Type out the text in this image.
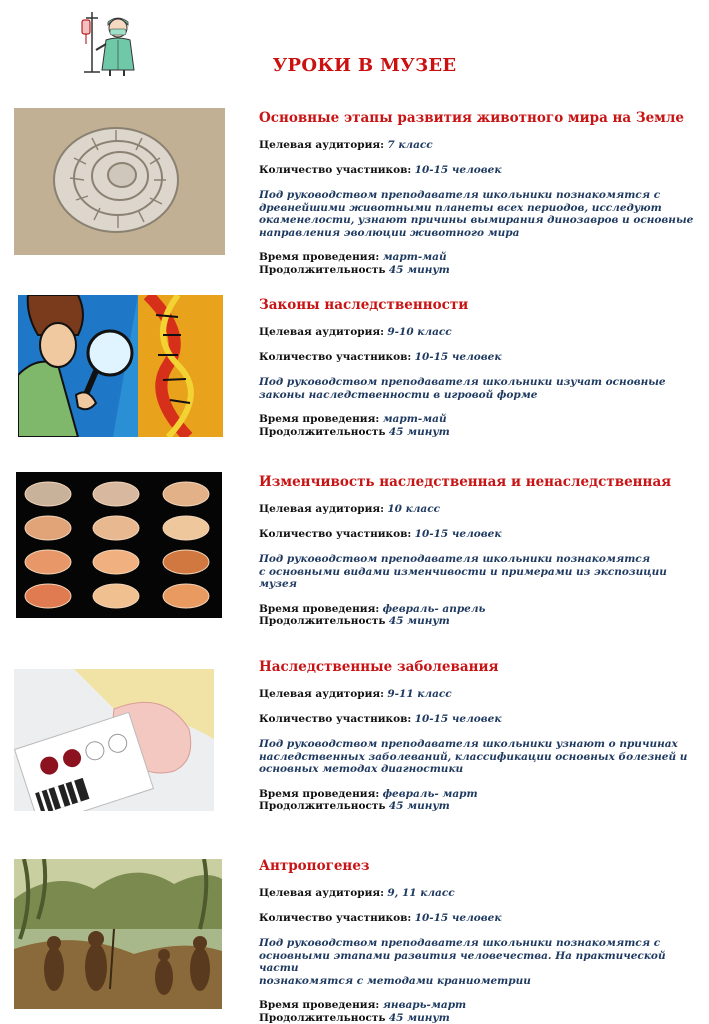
УРОКИ В МУЗЕЕ
Основные этапы развития животного мира на Земле
Целевая аудитория: 7 класс
Количество участников: 10-15 человек
Под руководством преподавателя школьники познакомятся с
древнейшими животными планеты всех периодов, исследуют
окаменелости, узнают причины вымирания динозавров и основные
направления эволюции животного мира
Время проведения: март-май
Продолжительность 45 минут
Законы наследственности
Целевая аудитория: 9-10 класс
Количество участников: 10-15 человек
Под руководством преподавателя школьники изучат основные
законы наследственности в игровой форме
Время проведения: март-май
Продолжительность 45 минут
Изменчивость наследственная и ненаследственная
Целевая аудитория: 10 класс
Количество участников: 10-15 человек
Под руководством преподавателя школьники познакомятся
с основными видами изменчивости и примерами из экспозиции музея
Время проведения: февраль- апрель
Продолжительность 45 минут
Наследственные заболевания
Целевая аудитория: 9-11 класс
Количество участников: 10-15 человек
Под руководством преподавателя школьники узнают о причинах
наследственных заболеваний, классификации основных болезней и
основных методах диагностики
Время проведения: февраль- март
Продолжительность 45 минут
Антропогенез
Целевая аудитория: 9, 11 класс
Количество участников: 10-15 человек
Под руководством преподавателя школьники познакомятся с
основными этапами развития человечества. На практической части
познакомятся с методами краниометрии
Время проведения: январь-март
Продолжительность 45 минут
